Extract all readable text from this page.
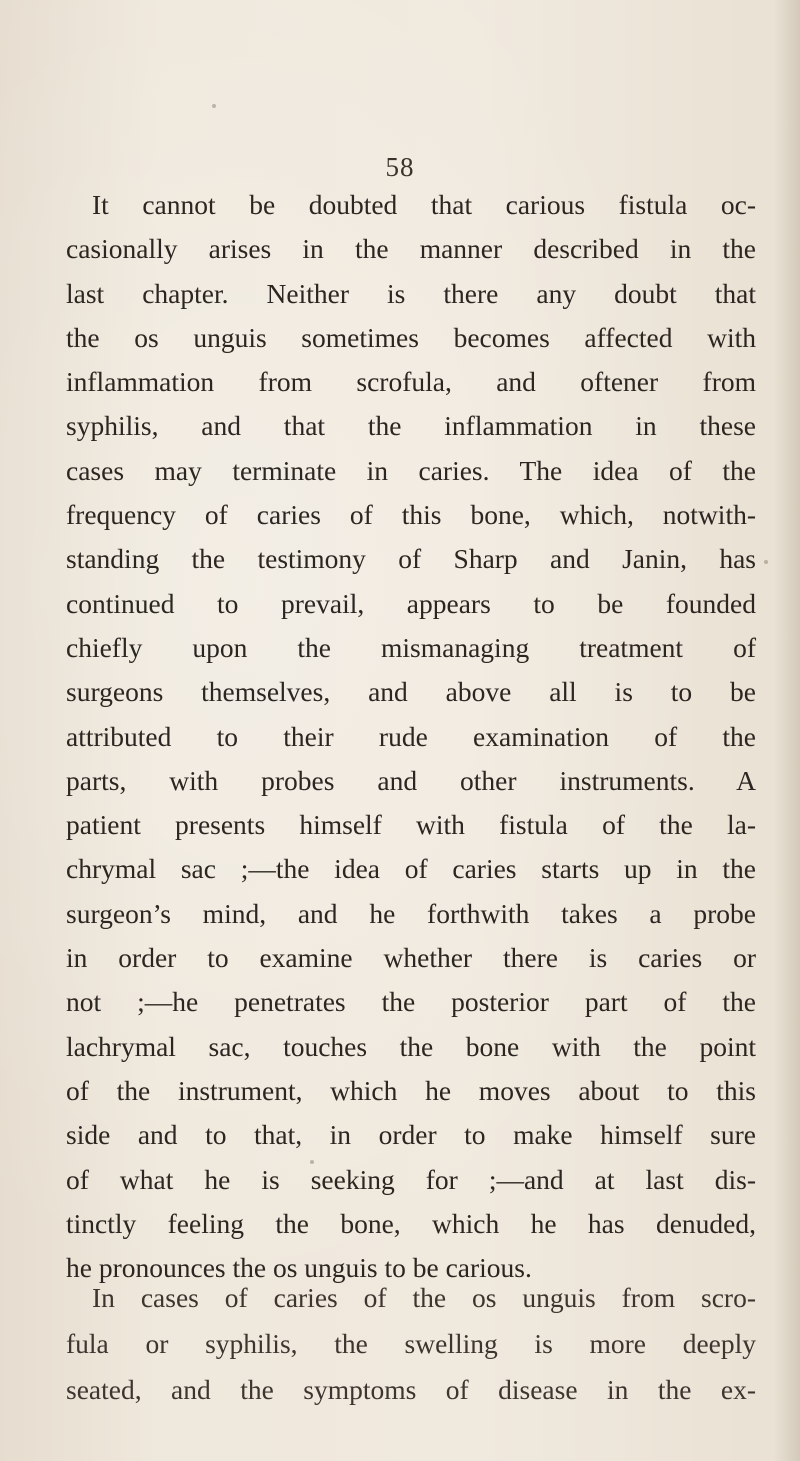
58
It cannot be doubted that carious fistula oc-
casionally arises in the manner described in the
last chapter. Neither is there any doubt that
the os unguis sometimes becomes affected with
inflammation from scrofula, and oftener from
syphilis, and that the inflammation in these
cases may terminate in caries. The idea of the
frequency of caries of this bone, which, notwith-
standing the testimony of Sharp and Janin, has
continued to prevail, appears to be founded
chiefly upon the mismanaging treatment of
surgeons themselves, and above all is to be
attributed to their rude examination of the
parts, with probes and other instruments. A
patient presents himself with fistula of the la-
chrymal sac ;—the idea of caries starts up in the
surgeon’s mind, and he forthwith takes a probe
in order to examine whether there is caries or
not ;—he penetrates the posterior part of the
lachrymal sac, touches the bone with the point
of the instrument, which he moves about to this
side and to that, in order to make himself sure
of what he is seeking for ;—and at last dis-
tinctly feeling the bone, which he has denuded,
he pronounces the os unguis to be carious.
In cases of caries of the os unguis from scro-
fula or syphilis, the swelling is more deeply
seated, and the symptoms of disease in the ex-
